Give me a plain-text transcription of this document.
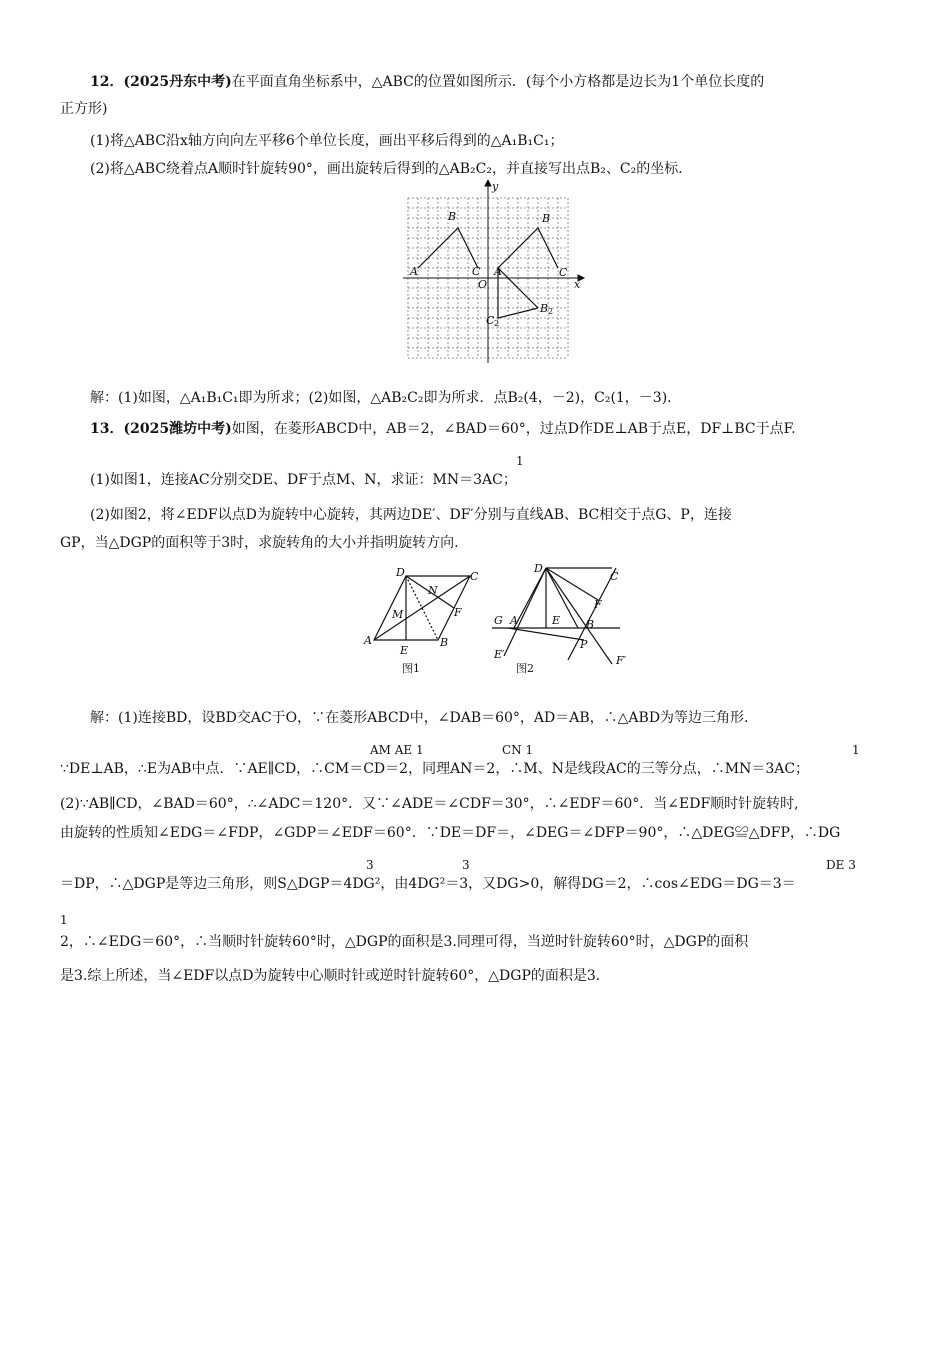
12．(2025丹东中考)在平面直角坐标系中，△ABC的位置如图所示．(每个小方格都是边长为1个单位长度的
正方形)
(1)将△ABC沿x轴方向向左平移6个单位长度，画出平移后得到的△A₁B₁C₁；
(2)将△ABC绕着点A顺时针旋转90°，画出旋转后得到的△AB₂C₂，并直接写出点B₂、C₂的坐标．
y
x
O
A
B
C A
B
C
B 2
C 2
解：(1)如图，△A₁B₁C₁即为所求；(2)如图，△AB₂C₂即为所求．点B₂(4，－2)，C₂(1，－3)．
13．(2025潍坊中考)如图，在菱形ABCD中，AB＝2，∠BAD＝60°，过点D作DE⊥AB于点E，DF⊥BC于点F.
1
(1)如图1，连接AC分别交DE、DF于点M、N，求证：MN＝3AC；
(2)如图2，将∠EDF以点D为旋转中心旋转，其两边DE′、DF′分别与直线AB、BC相交于点G、P，连接
GP，当△DGP的面积等于3时，求旋转角的大小并指明旋转方向.
A	B
C
D
E
F
M
N
图1
G A	B
C
D
E
F
P
E′	F′
图2
解：(1)连接BD，设BD交AC于O，∵在菱形ABCD中，∠DAB＝60°，AD＝AB，∴△ABD为等边三角形.
AM AE 1	CN 1	1
∵DE⊥AB，∴E为AB中点．∵AE∥CD，∴CM＝CD＝2，同理AN＝2，∴M、N是线段AC的三等分点，∴MN＝3AC；
(2)∵AB∥CD，∠BAD＝60°，∴∠ADC＝120°．又∵∠ADE＝∠CDF＝30°，∴∠EDF＝60°．当∠EDF顺时针旋转时,
由旋转的性质知∠EDG＝∠FDP，∠GDP＝∠EDF＝60°．∵DE＝DF＝，∠DEG＝∠DFP＝90°，∴△DEG≌△DFP，∴DG
3	3	DE 3
＝DP，∴△DGP是等边三角形，则S△DGP＝4DG²，由4DG²＝3，又DG>0，解得DG＝2，∴cos∠EDG＝DG＝3＝
1
2，∴∠EDG＝60°，∴当顺时针旋转60°时，△DGP的面积是3.同理可得，当逆时针旋转60°时，△DGP的面积
是3.综上所述，当∠EDF以点D为旋转中心顺时针或逆时针旋转60°，△DGP的面积是3.
